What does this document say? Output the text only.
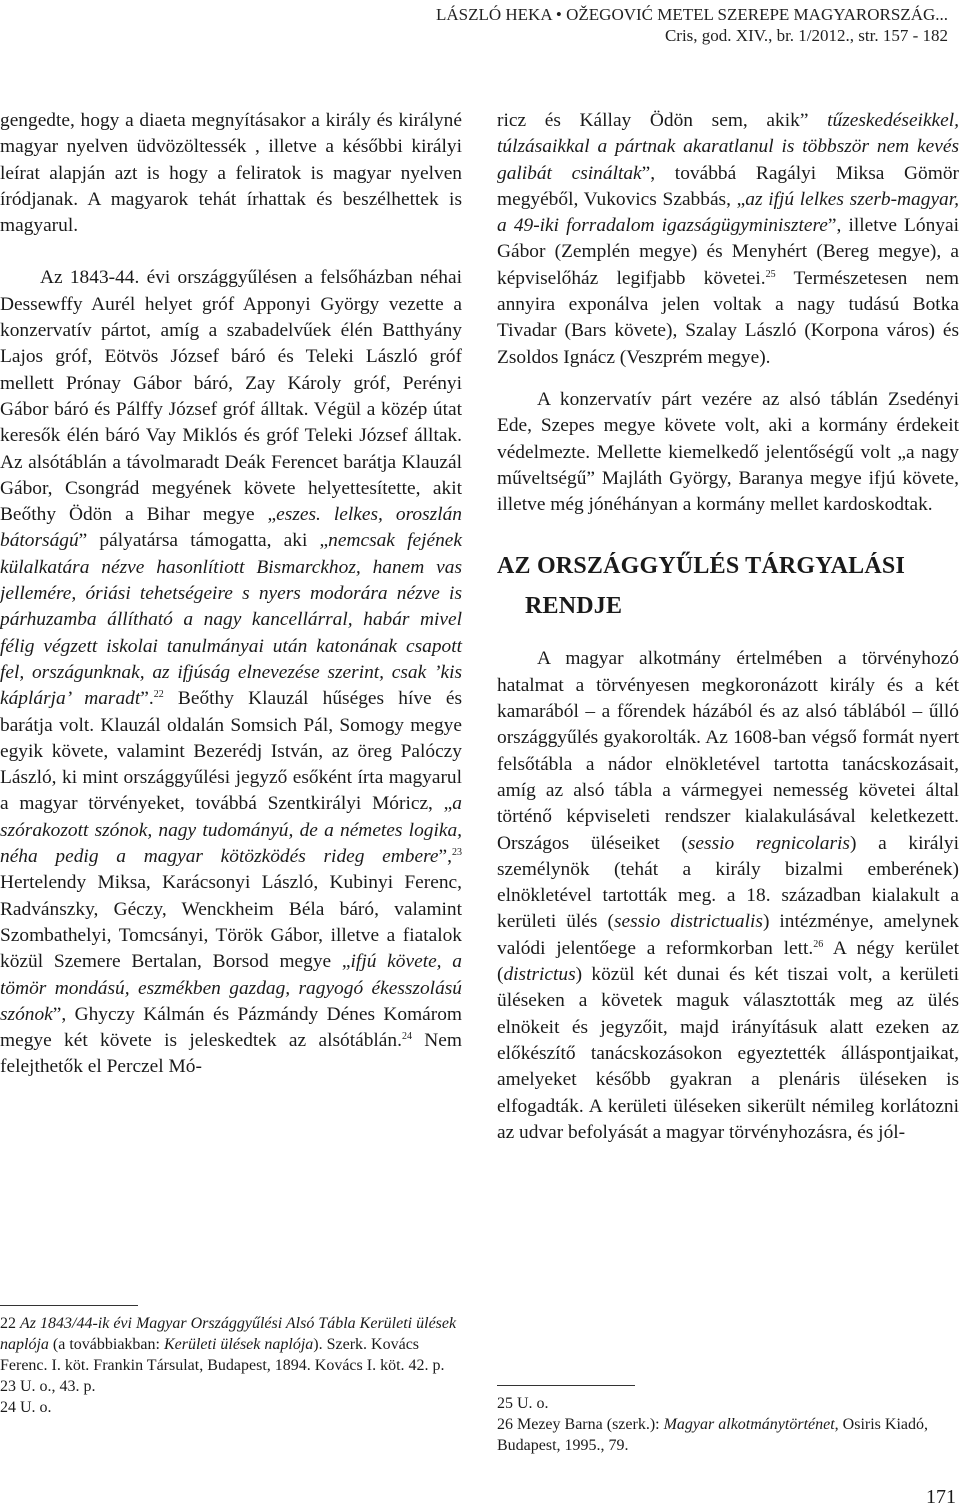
LÁSZLÓ HEKA • OŽEGOVIĆ METEL SZEREPE MAGYARORSZÁG...
Cris, god. XIV., br. 1/2012., str. 157 - 182

gengedte, hogy a diaeta megnyításakor a király és királyné magyar nyelven üdvözöltessék , illetve a későbbi királyi leírat alapján azt is hogy a feliratok is magyar nyelven íródjanak. A magyarok tehát írhattak és beszélhettek is magyarul.

Az 1843-44. évi országgyűlésen a felsőházban néhai Dessewffy Aurél helyet gróf Apponyi György vezette a konzervatív pártot, amíg a szabadelvűek élén Batthyány Lajos gróf, Eötvös József báró és Teleki László gróf mellett Prónay Gábor báró, Zay Károly gróf, Perényi Gábor báró és Pálffy József gróf álltak. Végül a közép útat keresők élén báró Vay Miklós és gróf Teleki József álltak. Az alsótáblán a távolmaradt Deák Ferencet barátja Klauzál Gábor, Csongrád megyének követe helyettesítette, akit Beőthy Ödön a Bihar megye „eszes. lelkes, oroszlán bátorságú” pályatársa támogatta, aki „nemcsak fejének külalkatára nézve hasonlítiott Bismarckhoz, hanem vas jellemére, óriási tehetségeire s nyers modorára nézve is párhuzamba állítható a nagy kancellárral, habár mivel félig végzett iskolai tanulmányai után katonának csapott fel, országunknak, az ifjúság elnevezése szerint, csak ’kis káplárja’ maradt”.$^{22}$ Beőthy Klauzál hűséges híve és barátja volt. Klauzál oldalán Somsich Pál, Somogy megye egyik követe, valamint Bezerédj István, az öreg Palóczy László, ki mint országgyűlési jegyző esőként írta magyarul a magyar törvényeket, továbbá Szentkirályi Móricz, „a szórakozott szónok, nagy tudományú, de a németes logika, néha pedig a magyar kötözködés rideg embere”,$^{23}$ Hertelendy Miksa, Karácsonyi László, Kubinyi Ferenc, Radvánszky, Géczy, Wenckheim Béla báró, valamint Szombathelyi, Tomcsányi, Török Gábor, illetve a fiatalok közül Szemere Bertalan, Borsod megye „ifjú követe, a tömör mondású, eszmékben gazdag, ragyogó ékesszolású szónok”, Ghyczy Kálmán és Pázmándy Dénes Komárom megye két követe is jeleskedtek az alsótáblán.$^{24}$ Nem felejthetők el Perczel Mó-

22 Az 1843/44-ik évi Magyar Országgyűlési Alsó Tábla Kerületi ülések naplója (a továbbiakban: Kerületi ülések naplója). Szerk. Kovács Ferenc. I. köt. Frankin Társulat, Budapest, 1894. Kovács I. köt. 42. p.

23 U. o., 43. p.

24 U. o.

ricz és Kállay Ödön sem, akik” tűzeskedéseikkel, túlzásaikkal a pártnak akaratlanul is többször nem kevés galibát csináltak”, továbbá Ragályi Miksa Gömör megyéből, Vukovics Szabbás, „az ifjú lelkes szerb-magyar, a 49-iki forradalom igazságügyminisztere”, illetve Lónyai Gábor (Zemplén megye) és Menyhért (Bereg megye), a képviselőház legifjabb követei.$^{25}$ Természetesen nem annyira exponálva jelen voltak a nagy tudású Botka Tivadar (Bars követe), Szalay László (Korpona város) és Zsoldos Ignácz (Veszprém megye).

A konzervatív párt vezére az alsó táblán Zsedényi Ede, Szepes megye követe volt, aki a kormány érdekeit védelmezte. Mellette kiemelkedő jelentőségű volt „a nagy műveltségű” Majláth György, Baranya megye ifjú követe, illetve még jónéhányan a kormány mellet kardoskodtak.

AZ ORSZÁGGYŰLÉS TÁRGYALÁSI
RENDJE

A magyar alkotmány értelmében a törvényhozó hatalmat a törvényesen megkoronázott király és a két kamarából – a főrendek házából és az alsó táblából – űlló országgyűlés gyakorolták. Az 1608-ban végső formát nyert felsőtábla a nádor elnökletével tartotta tanácskozásait, amíg az alsó tábla a vármegyei nemesség követei által történő képviseleti rendszer kialakulásával keletkezett. Országos üléseiket (sessio regnicolaris) a királyi személynök (tehát a király bizalmi emberének) elnökletével tartották meg. a 18. században kialakult a kerületi ülés (sessio districtualis) intézménye, amelynek valódi jelentőege a reformkorban lett.$^{26}$ A négy kerület (districtus) közül két dunai és két tiszai volt, a kerületi üléseken a követek maguk választották meg az ülés elnökeit és jegyzőit, majd irányításuk alatt ezeken az előkészítő tanácskozásokon egyeztették álláspontjaikat, amelyeket később gyakran a plenáris üléseken is elfogadták. A kerületi üléseken sikerült némileg korlátozni az udvar befolyását a magyar törvényhozásra, és jól-

25 U. o.

26 Mezey Barna (szerk.): Magyar alkotmánytörténet, Osiris Kiadó, Budapest, 1995., 79.

171
